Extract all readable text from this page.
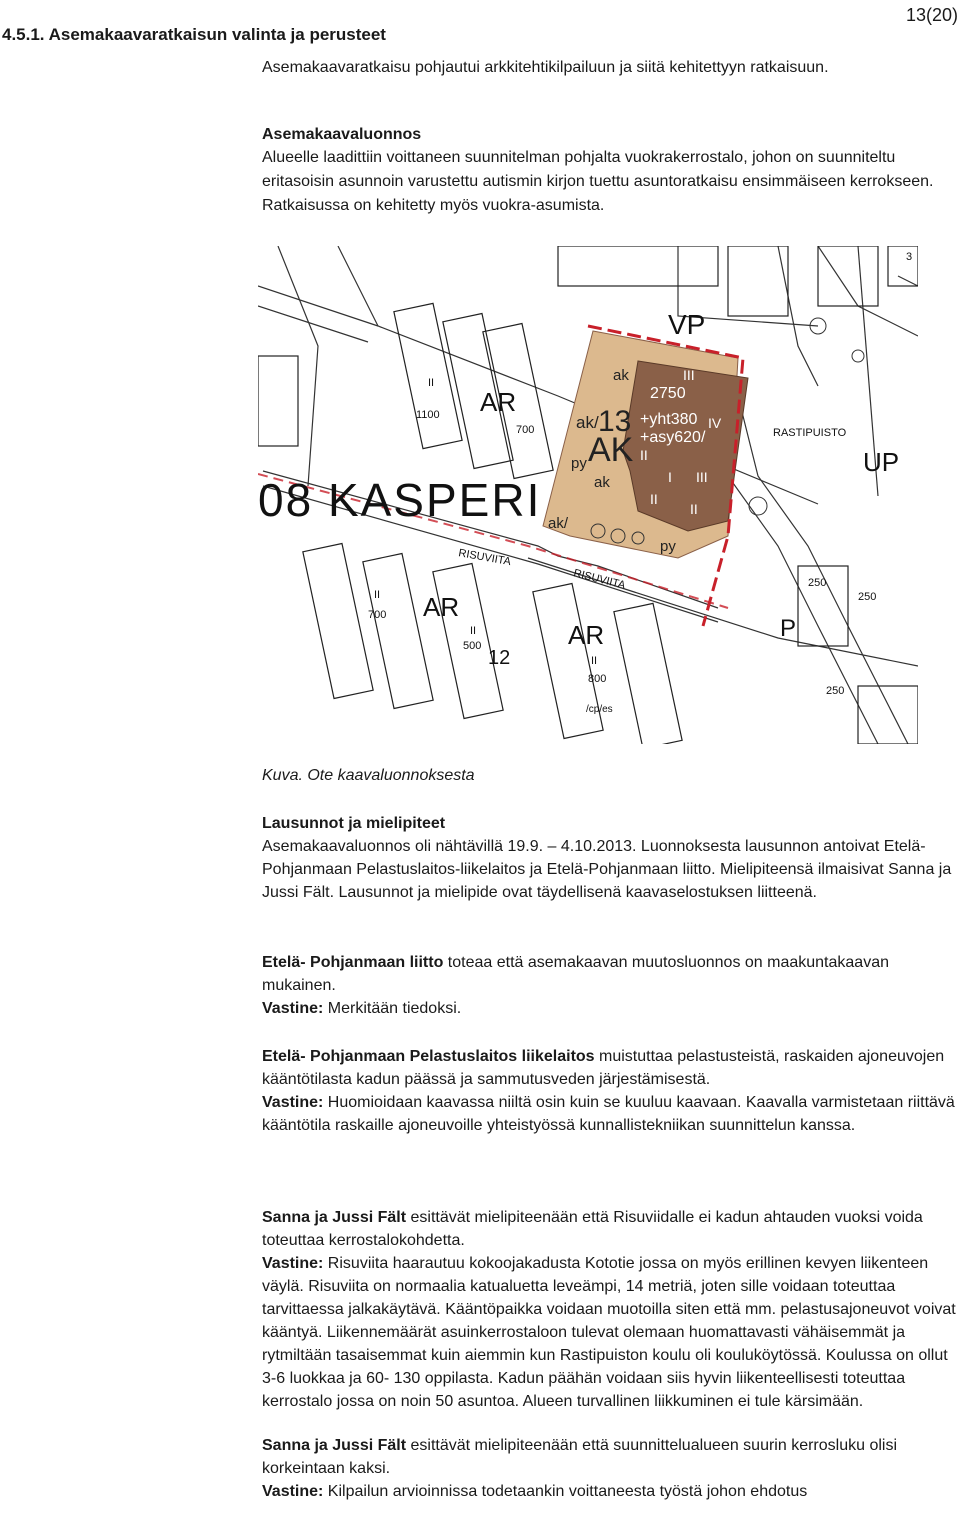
4.5.1. Asemakaavaratkaisun valinta ja perusteet
13(20)

Asemakaavaratkaisu pohjautui arkkitehtikilpailuun ja siitä kehitettyyn ratkaisuun.

Asemakaavaluonnos

Alueelle laadittiin voittaneen suunnitelman pohjalta vuokrakerrostalo, johon on suunniteltu eritasoisin asunnoin varustettu autismin kirjon tuettu asuntoratkaisu ensimmäiseen kerrokseen. Ratkaisussa on kehitetty myös vuokra-asumista.

VP
AR
UP
08 KASPERI
AR
AR	P
12
ak
ak/ 13
AK
py
ak
ak/
py
2750
+yht380
+asy620/
III
IV
II
I III
II
II
RASTIPUISTO
RISUVIITA
RISUVIITA
1100
700
700
500
800
250
250
250
3
II
II
II
II
/cp/es
Kuva. Ote kaavaluonnoksesta

Lausunnot ja mielipiteet

Asemakaavaluonnos oli nähtävillä 19.9. – 4.10.2013. Luonnoksesta lausunnon antoivat Etelä- Pohjanmaan Pelastuslaitos-liikelaitos ja Etelä-Pohjanmaan liitto. Mielipiteensä ilmaisivat Sanna ja Jussi Fält. Lausunnot ja mielipide ovat täydellisenä kaavaselostuksen liitteenä.

Etelä- Pohjanmaan liitto toteaa että asemakaavan muutosluonnos on maakuntakaavan mukainen.

Vastine: Merkitään tiedoksi.

Etelä- Pohjanmaan Pelastuslaitos liikelaitos muistuttaa pelastusteistä, raskaiden ajoneuvojen kääntötilasta kadun päässä ja sammutusveden järjestämisestä.

Vastine: Huomioidaan kaavassa niiltä osin kuin se kuuluu kaavaan. Kaavalla varmistetaan riittävä kääntötila raskaille ajoneuvoille yhteistyössä kunnallistekniikan suunnittelun kanssa.

Sanna ja Jussi Fält esittävät mielipiteenään että Risuviidalle ei kadun ahtauden vuoksi voida toteuttaa kerrostalokohdetta.

Vastine: Risuviita haarautuu kokoojakadusta Kototie jossa on myös erillinen kevyen liikenteen väylä. Risuviita on normaalia katualuetta leveämpi, 14 metriä, joten sille voidaan toteuttaa tarvittaessa jalkakäytävä. Kääntöpaikka voidaan muotoilla siten että mm. pelastusajoneuvot voivat kääntyä. Liikennemäärät asuinkerrostaloon tulevat olemaan huomattavasti vähäisemmät ja rytmiltään tasaisemmat kuin aiemmin kun Rastipuiston koulu oli kouluköytössä. Koulussa on ollut 3-6 luokkaa ja 60- 130 oppilasta. Kadun päähän voidaan siis hyvin liikenteellisesti toteuttaa kerrostalo jossa on noin 50 asuntoa. Alueen turvallinen liikkuminen ei tule kärsimään.

Sanna ja Jussi Fält esittävät mielipiteenään että suunnittelualueen suurin kerrosluku olisi korkeintaan kaksi.

Vastine: Kilpailun arvioinnissa todetaankin voittaneesta työstä johon ehdotus
